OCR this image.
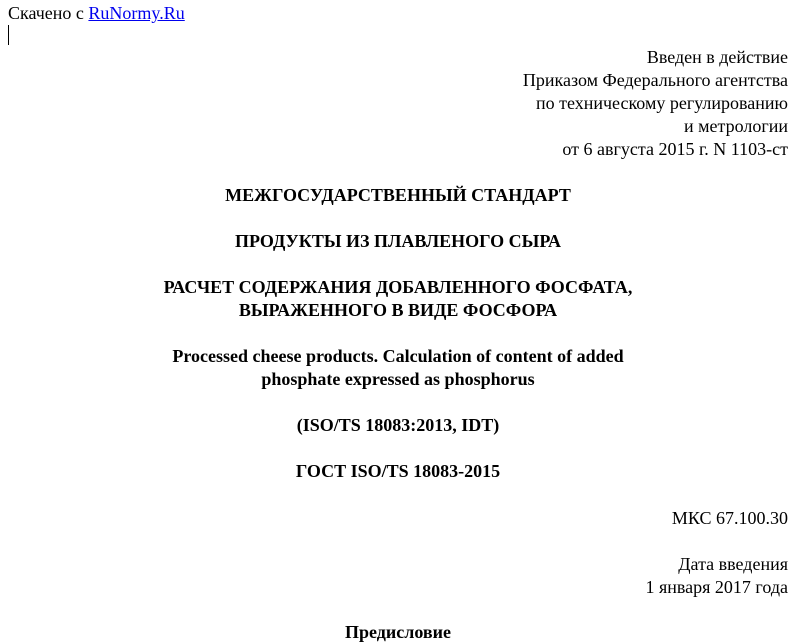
Скачено с RuNormy.Ru
Введен в действие
Приказом Федерального агентства
по техническому регулированию
и метрологии
от 6 августа 2015 г. N 1103-ст
МЕЖГОСУДАРСТВЕННЫЙ СТАНДАРТ
ПРОДУКТЫ ИЗ ПЛАВЛЕНОГО СЫРА
РАСЧЕТ СОДЕРЖАНИЯ ДОБАВЛЕННОГО ФОСФАТА,
ВЫРАЖЕННОГО В ВИДЕ ФОСФОРА
Processed cheese products. Calculation of content of added
phosphate expressed as phosphorus
(ISO/TS 18083:2013, IDT)
ГОСТ ISO/TS 18083-2015
МКС 67.100.30
Дата введения
1 января 2017 года
Предисловие
